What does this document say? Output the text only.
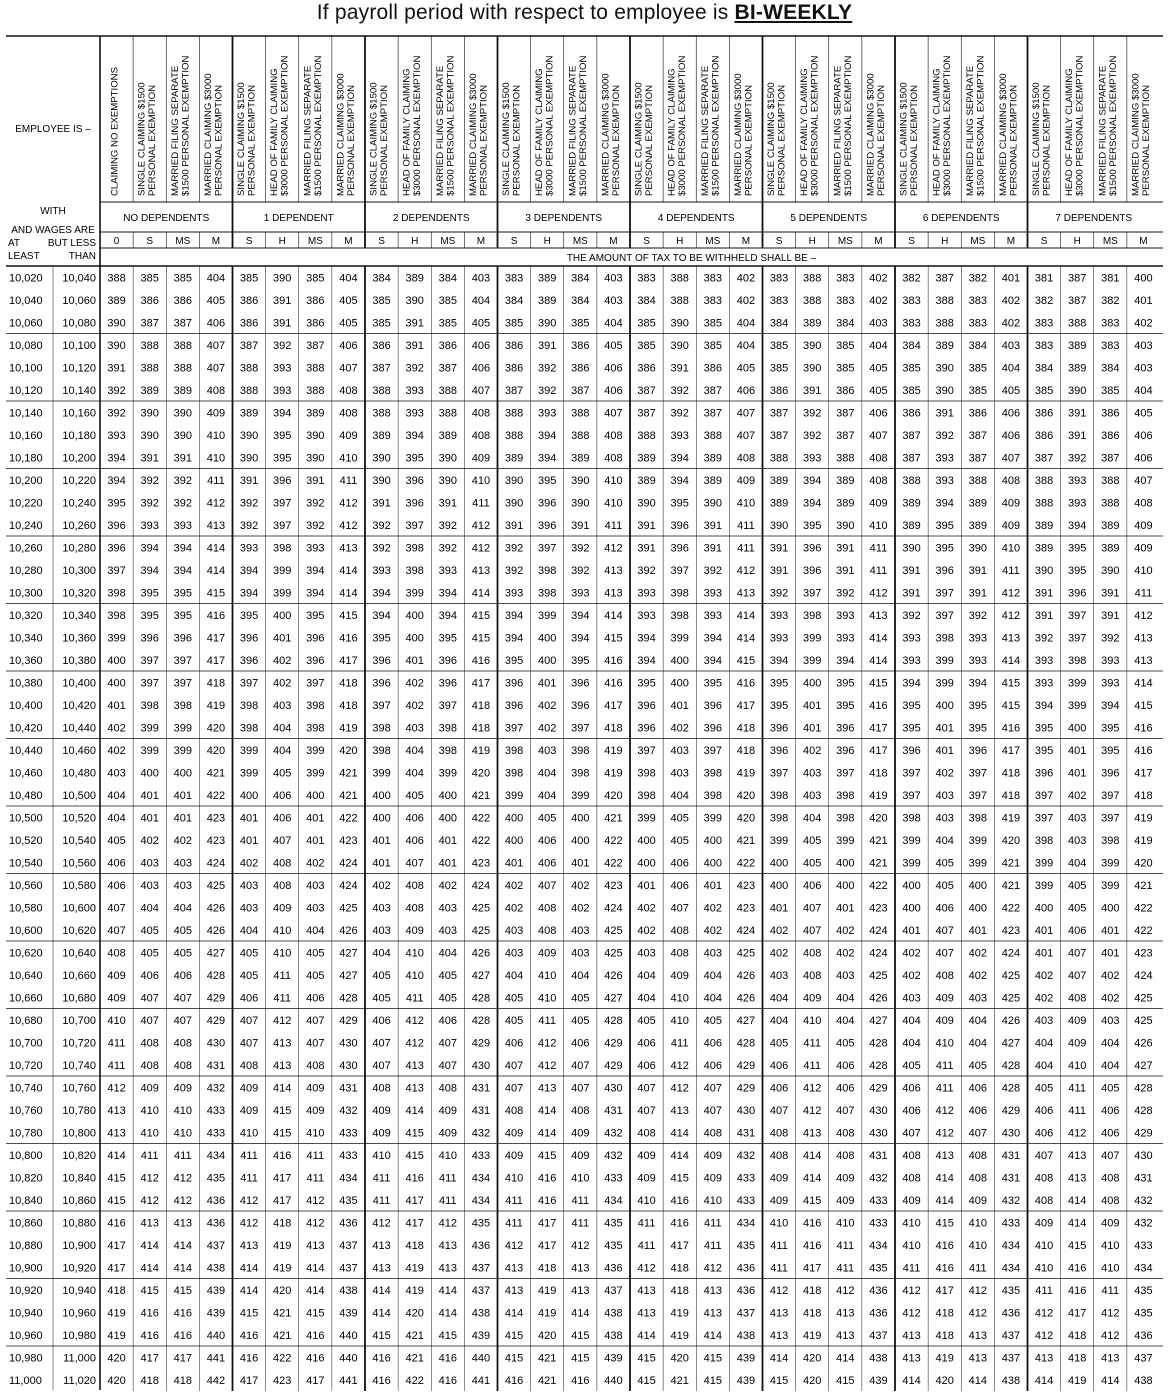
If payroll period with respect to employee is BI-WEEKLY
EMPLOYEE IS –
WITH
AND WAGES ARE
AT
LEAST
BUT LESS
THAN	THE AMOUNT OF TAX TO BE WITHHELD SHALL BE –
NO DEPENDENTS
0
CLAIMING NO EXEMPTIONS
S
SINGLE CLAIMING $1500PERSONAL EXEMPTION
MS
MARRIED FILING SEPARATE$1500 PERSONAL EXEMPTION
M
MARRIED CLAIMING $3000PERSONAL EXEMPTION
1 DEPENDENT
S
SINGLE CLAIMING $1500PERSONAL EXEMPTION
H
HEAD OF FAMILY CLAIMING$3000 PERSONAL EXEMPTION
MS
MARRIED FILING SEPARATE$1500 PERSONAL EXEMPTION
M
MARRIED CLAIMING $3000PERSONAL EXEMPTION
2 DEPENDENTS
S
SINGLE CLAIMING $1500PERSONAL EXEMPTION
H
HEAD OF FAMILY CLAIMING$3000 PERSONAL EXEMPTION
MS
MARRIED FILING SEPARATE$1500 PERSONAL EXEMPTION
M
MARRIED CLAIMING $3000PERSONAL EXEMPTION
3 DEPENDENTS
S
SINGLE CLAIMING $1500PERSONAL EXEMPTION
H
HEAD OF FAMILY CLAIMING$3000 PERSONAL EXEMPTION
MS
MARRIED FILING SEPARATE$1500 PERSONAL EXEMPTION
M
MARRIED CLAIMING $3000PERSONAL EXEMPTION
4 DEPENDENTS
S
SINGLE CLAIMING $1500PERSONAL EXEMPTION
H
HEAD OF FAMILY CLAIMING$3000 PERSONAL EXEMPTION
MS
MARRIED FILING SEPARATE$1500 PERSONAL EXEMPTION
M
MARRIED CLAIMING $3000PERSONAL EXEMPTION
5 DEPENDENTS
S
SINGLE CLAIMING $1500PERSONAL EXEMPTION
H
HEAD OF FAMILY CLAIMING$3000 PERSONAL EXEMPTION
MS
MARRIED FILING SEPARATE$1500 PERSONAL EXEMPTION
M
MARRIED CLAIMING $3000PERSONAL EXEMPTION
6 DEPENDENTS
S
SINGLE CLAIMING $1500PERSONAL EXEMPTION
H
HEAD OF FAMILY CLAIMING$3000 PERSONAL EXEMPTION
MS
MARRIED FILING SEPARATE$1500 PERSONAL EXEMPTION
M
MARRIED CLAIMING $3000PERSONAL EXEMPTION
7 DEPENDENTS
S
SINGLE CLAIMING $1500PERSONAL EXEMPTION
H
HEAD OF FAMILY CLAIMING$3000 PERSONAL EXEMPTION
MS
MARRIED FILING SEPARATE$1500 PERSONAL EXEMPTION
M
MARRIED CLAIMING $3000PERSONAL EXEMPTION
10,020 10,040 388 385 385 404 385 390 385 404 384 389 384 403 383 389 384 403 383 388 383 402 383 388 383 402 382 387 382 401 381 387 381 400
10,040 10,060 389 386 386 405 386 391 386 405 385 390 385 404 384 389 384 403 384 388 383 402 383 388 383 402 383 388 383 402 382 387 382 401
10,060 10,080 390 387 387 406 386 391 386 405 385 391 385 405 385 390 385 404 385 390 385 404 384 389 384 403 383 388 383 402 383 388 383 402
10,080 10,100 390 388 388 407 387 392 387 406 386 391 386 406 386 391 386 405 385 390 385 404 385 390 385 404 384 389 384 403 383 389 383 403
10,100 10,120 391 388 388 407 388 393 388 407 387 392 387 406 386 392 386 406 386 391 386 405 385 390 385 405 385 390 385 404 384 389 384 403
10,120 10,140 392 389 389 408 388 393 388 408 388 393 388 407 387 392 387 406 387 392 387 406 386 391 386 405 385 390 385 405 385 390 385 404
10,140 10,160 392 390 390 409 389 394 389 408 388 393 388 408 388 393 388 407 387 392 387 407 387 392 387 406 386 391 386 406 386 391 386 405
10,160 10,180 393 390 390 410 390 395 390 409 389 394 389 408 388 394 388 408 388 393 388 407 387 392 387 407 387 392 387 406 386 391 386 406
10,180 10,200 394 391 391 410 390 395 390 410 390 395 390 409 389 394 389 408 389 394 389 408 388 393 388 408 387 393 387 407 387 392 387 406
10,200 10,220 394 392 392 411 391 396 391 411 390 396 390 410 390 395 390 410 389 394 389 409 389 394 389 408 388 393 388 408 388 393 388 407
10,220 10,240 395 392 392 412 392 397 392 412 391 396 391 411 390 396 390 410 390 395 390 410 389 394 389 409 389 394 389 409 388 393 388 408
10,240 10,260 396 393 393 413 392 397 392 412 392 397 392 412 391 396 391 411 391 396 391 411 390 395 390 410 389 395 389 409 389 394 389 409
10,260 10,280 396 394 394 414 393 398 393 413 392 398 392 412 392 397 392 412 391 396 391 411 391 396 391 411 390 395 390 410 389 395 389 409
10,280 10,300 397 394 394 414 394 399 394 414 393 398 393 413 392 398 392 413 392 397 392 412 391 396 391 411 391 396 391 411 390 395 390 410
10,300 10,320 398 395 395 415 394 399 394 414 394 399 394 414 393 398 393 413 393 398 393 413 392 397 392 412 391 397 391 412 391 396 391 411
10,320 10,340 398 395 395 416 395 400 395 415 394 400 394 415 394 399 394 414 393 398 393 414 393 398 393 413 392 397 392 412 391 397 391 412
10,340 10,360 399 396 396 417 396 401 396 416 395 400 395 415 394 400 394 415 394 399 394 414 393 399 393 414 393 398 393 413 392 397 392 413
10,360 10,380 400 397 397 417 396 402 396 417 396 401 396 416 395 400 395 416 394 400 394 415 394 399 394 414 393 399 393 414 393 398 393 413
10,380 10,400 400 397 397 418 397 402 397 418 396 402 396 417 396 401 396 416 395 400 395 416 395 400 395 415 394 399 394 415 393 399 393 414
10,400 10,420 401 398 398 419 398 403 398 418 397 402 397 418 396 402 396 417 396 401 396 417 395 401 395 416 395 400 395 415 394 399 394 415
10,420 10,440 402 399 399 420 398 404 398 419 398 403 398 418 397 402 397 418 396 402 396 418 396 401 396 417 395 401 395 416 395 400 395 416
10,440 10,460 402 399 399 420 399 404 399 420 398 404 398 419 398 403 398 419 397 403 397 418 396 402 396 417 396 401 396 417 395 401 395 416
10,460 10,480 403 400 400 421 399 405 399 421 399 404 399 420 398 404 398 419 398 403 398 419 397 403 397 418 397 402 397 418 396 401 396 417
10,480 10,500 404 401 401 422 400 406 400 421 400 405 400 421 399 404 399 420 398 404 398 420 398 403 398 419 397 403 397 418 397 402 397 418
10,500 10,520 404 401 401 423 401 406 401 422 400 406 400 422 400 405 400 421 399 405 399 420 398 404 398 420 398 403 398 419 397 403 397 419
10,520 10,540 405 402 402 423 401 407 401 423 401 406 401 422 400 406 400 422 400 405 400 421 399 405 399 421 399 404 399 420 398 403 398 419
10,540 10,560 406 403 403 424 402 408 402 424 401 407 401 423 401 406 401 422 400 406 400 422 400 405 400 421 399 405 399 421 399 404 399 420
10,560 10,580 406 403 403 425 403 408 403 424 402 408 402 424 402 407 402 423 401 406 401 423 400 406 400 422 400 405 400 421 399 405 399 421
10,580 10,600 407 404 404 426 403 409 403 425 403 408 403 425 402 408 402 424 402 407 402 423 401 407 401 423 400 406 400 422 400 405 400 422
10,600 10,620 407 405 405 426 404 410 404 426 403 409 403 425 403 408 403 425 402 408 402 424 402 407 402 424 401 407 401 423 401 406 401 422
10,620 10,640 408 405 405 427 405 410 405 427 404 410 404 426 403 409 403 425 403 408 403 425 402 408 402 424 402 407 402 424 401 407 401 423
10,640 10,660 409 406 406 428 405 411 405 427 405 410 405 427 404 410 404 426 404 409 404 426 403 408 403 425 402 408 402 425 402 407 402 424
10,660 10,680 409 407 407 429 406 411 406 428 405 411 405 428 405 410 405 427 404 410 404 426 404 409 404 426 403 409 403 425 402 408 402 425
10,680 10,700 410 407 407 429 407 412 407 429 406 412 406 428 405 411 405 428 405 410 405 427 404 410 404 427 404 409 404 426 403 409 403 425
10,700 10,720 411 408 408 430 407 413 407 430 407 412 407 429 406 412 406 429 406 411 406 428 405 411 405 428 404 410 404 427 404 409 404 426
10,720 10,740 411 408 408 431 408 413 408 430 407 413 407 430 407 412 407 429 406 412 406 429 406 411 406 428 405 411 405 428 404 410 404 427
10,740 10,760 412 409 409 432 409 414 409 431 408 413 408 431 407 413 407 430 407 412 407 429 406 412 406 429 406 411 406 428 405 411 405 428
10,760 10,780 413 410 410 433 409 415 409 432 409 414 409 431 408 414 408 431 407 413 407 430 407 412 407 430 406 412 406 429 406 411 406 428
10,780 10,800 413 410 410 433 410 415 410 433 409 415 409 432 409 414 409 432 408 414 408 431 408 413 408 430 407 412 407 430 406 412 406 429
10,800 10,820 414 411 411 434 411 416 411 433 410 415 410 433 409 415 409 432 409 414 409 432 408 414 408 431 408 413 408 431 407 413 407 430
10,820 10,840 415 412 412 435 411 417 411 434 411 416 411 434 410 416 410 433 409 415 409 433 409 414 409 432 408 414 408 431 408 413 408 431
10,840 10,860 415 412 412 436 412 417 412 435 411 417 411 434 411 416 411 434 410 416 410 433 409 415 409 433 409 414 409 432 408 414 408 432
10,860 10,880 416 413 413 436 412 418 412 436 412 417 412 435 411 417 411 435 411 416 411 434 410 416 410 433 410 415 410 433 409 414 409 432
10,880 10,900 417 414 414 437 413 419 413 437 413 418 413 436 412 417 412 435 411 417 411 435 411 416 411 434 410 416 410 434 410 415 410 433
10,900 10,920 417 414 414 438 414 419 414 437 413 419 413 437 413 418 413 436 412 418 412 436 411 417 411 435 411 416 411 434 410 416 410 434
10,920 10,940 418 415 415 439 414 420 414 438 414 419 414 437 413 419 413 437 413 418 413 436 412 418 412 436 412 417 412 435 411 416 411 435
10,940 10,960 419 416 416 439 415 421 415 439 414 420 414 438 414 419 414 438 413 419 413 437 413 418 413 436 412 418 412 436 412 417 412 435
10,960 10,980 419 416 416 440 416 421 416 440 415 421 415 439 415 420 415 438 414 419 414 438 413 419 413 437 413 418 413 437 412 418 412 436
10,980 11,000 420 417 417 441 416 422 416 440 416 421 416 440 415 421 415 439 415 420 415 439 414 420 414 438 413 419 413 437 413 418 413 437
11,000 11,020 420 418 418 442 417 423 417 441 416 422 416 441 416 421 416 440 415 421 415 439 415 420 415 439 414 420 414 438 414 419 414 438
